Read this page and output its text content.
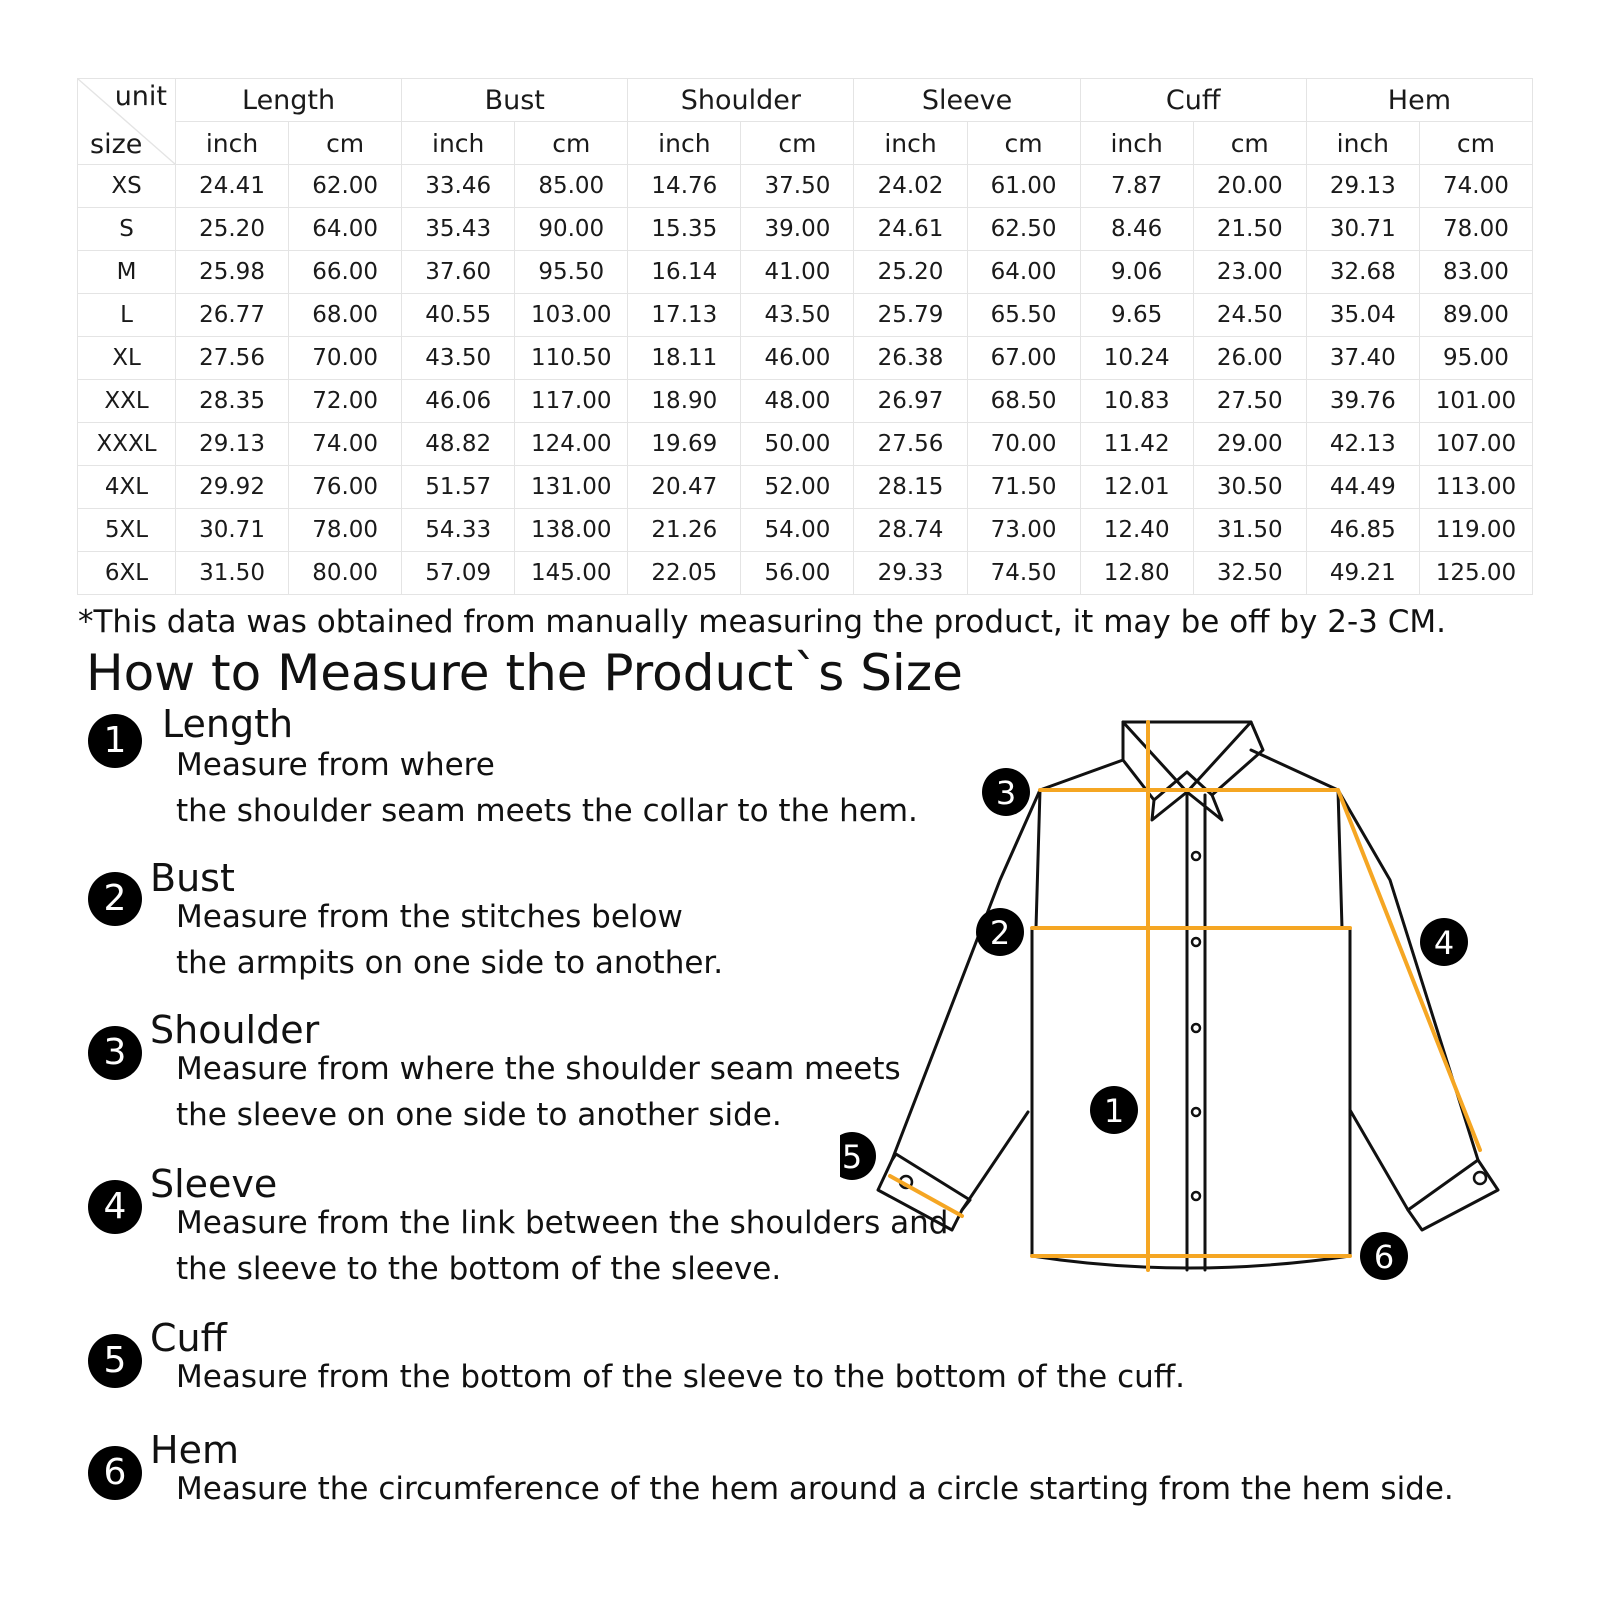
unit
size	Length		Bust		Shoulder		Sleeve		Cuff		Hem	
	inch	cm	inch	cm	inch	cm	inch	cm	inch	cm	inch	cm
XS	24.41	62.00	33.46	85.00	14.76	37.50	24.02	61.00	7.87	20.00	29.13	74.00
S	25.20	64.00	35.43	90.00	15.35	39.00	24.61	62.50	8.46	21.50	30.71	78.00
M	25.98	66.00	37.60	95.50	16.14	41.00	25.20	64.00	9.06	23.00	32.68	83.00
L	26.77	68.00	40.55	103.00	17.13	43.50	25.79	65.50	9.65	24.50	35.04	89.00
XL	27.56	70.00	43.50	110.50	18.11	46.00	26.38	67.00	10.24	26.00	37.40	95.00
XXL	28.35	72.00	46.06	117.00	18.90	48.00	26.97	68.50	10.83	27.50	39.76	101.00
XXXL	29.13	74.00	48.82	124.00	19.69	50.00	27.56	70.00	11.42	29.00	42.13	107.00
4XL	29.92	76.00	51.57	131.00	20.47	52.00	28.15	71.50	12.01	30.50	44.49	113.00
5XL	30.71	78.00	54.33	138.00	21.26	54.00	28.74	73.00	12.40	31.50	46.85	119.00
6XL	31.50	80.00	57.09	145.00	22.05	56.00	29.33	74.50	12.80	32.50	49.21	125.00
*This data was obtained from manually measuring the product, it may be off by 2-3 CM.
How to Measure the Product`s Size
1 Length
Measure from where
the shoulder seam meets the collar to the hem.
2 Bust
Measure from the stitches below
the armpits on one side to another.
3
Shoulder
Measure from where the shoulder seam meets
the sleeve on one side to another side.
4
Sleeve
Measure from the link between the shoulders and
the sleeve to the bottom of the sleeve.
5
Cuff
Measure from the bottom of the sleeve to the bottom of the cuff.
6
Hem
Measure the circumference of the hem around a circle starting from the hem side.
1
2
3
4
5
6
